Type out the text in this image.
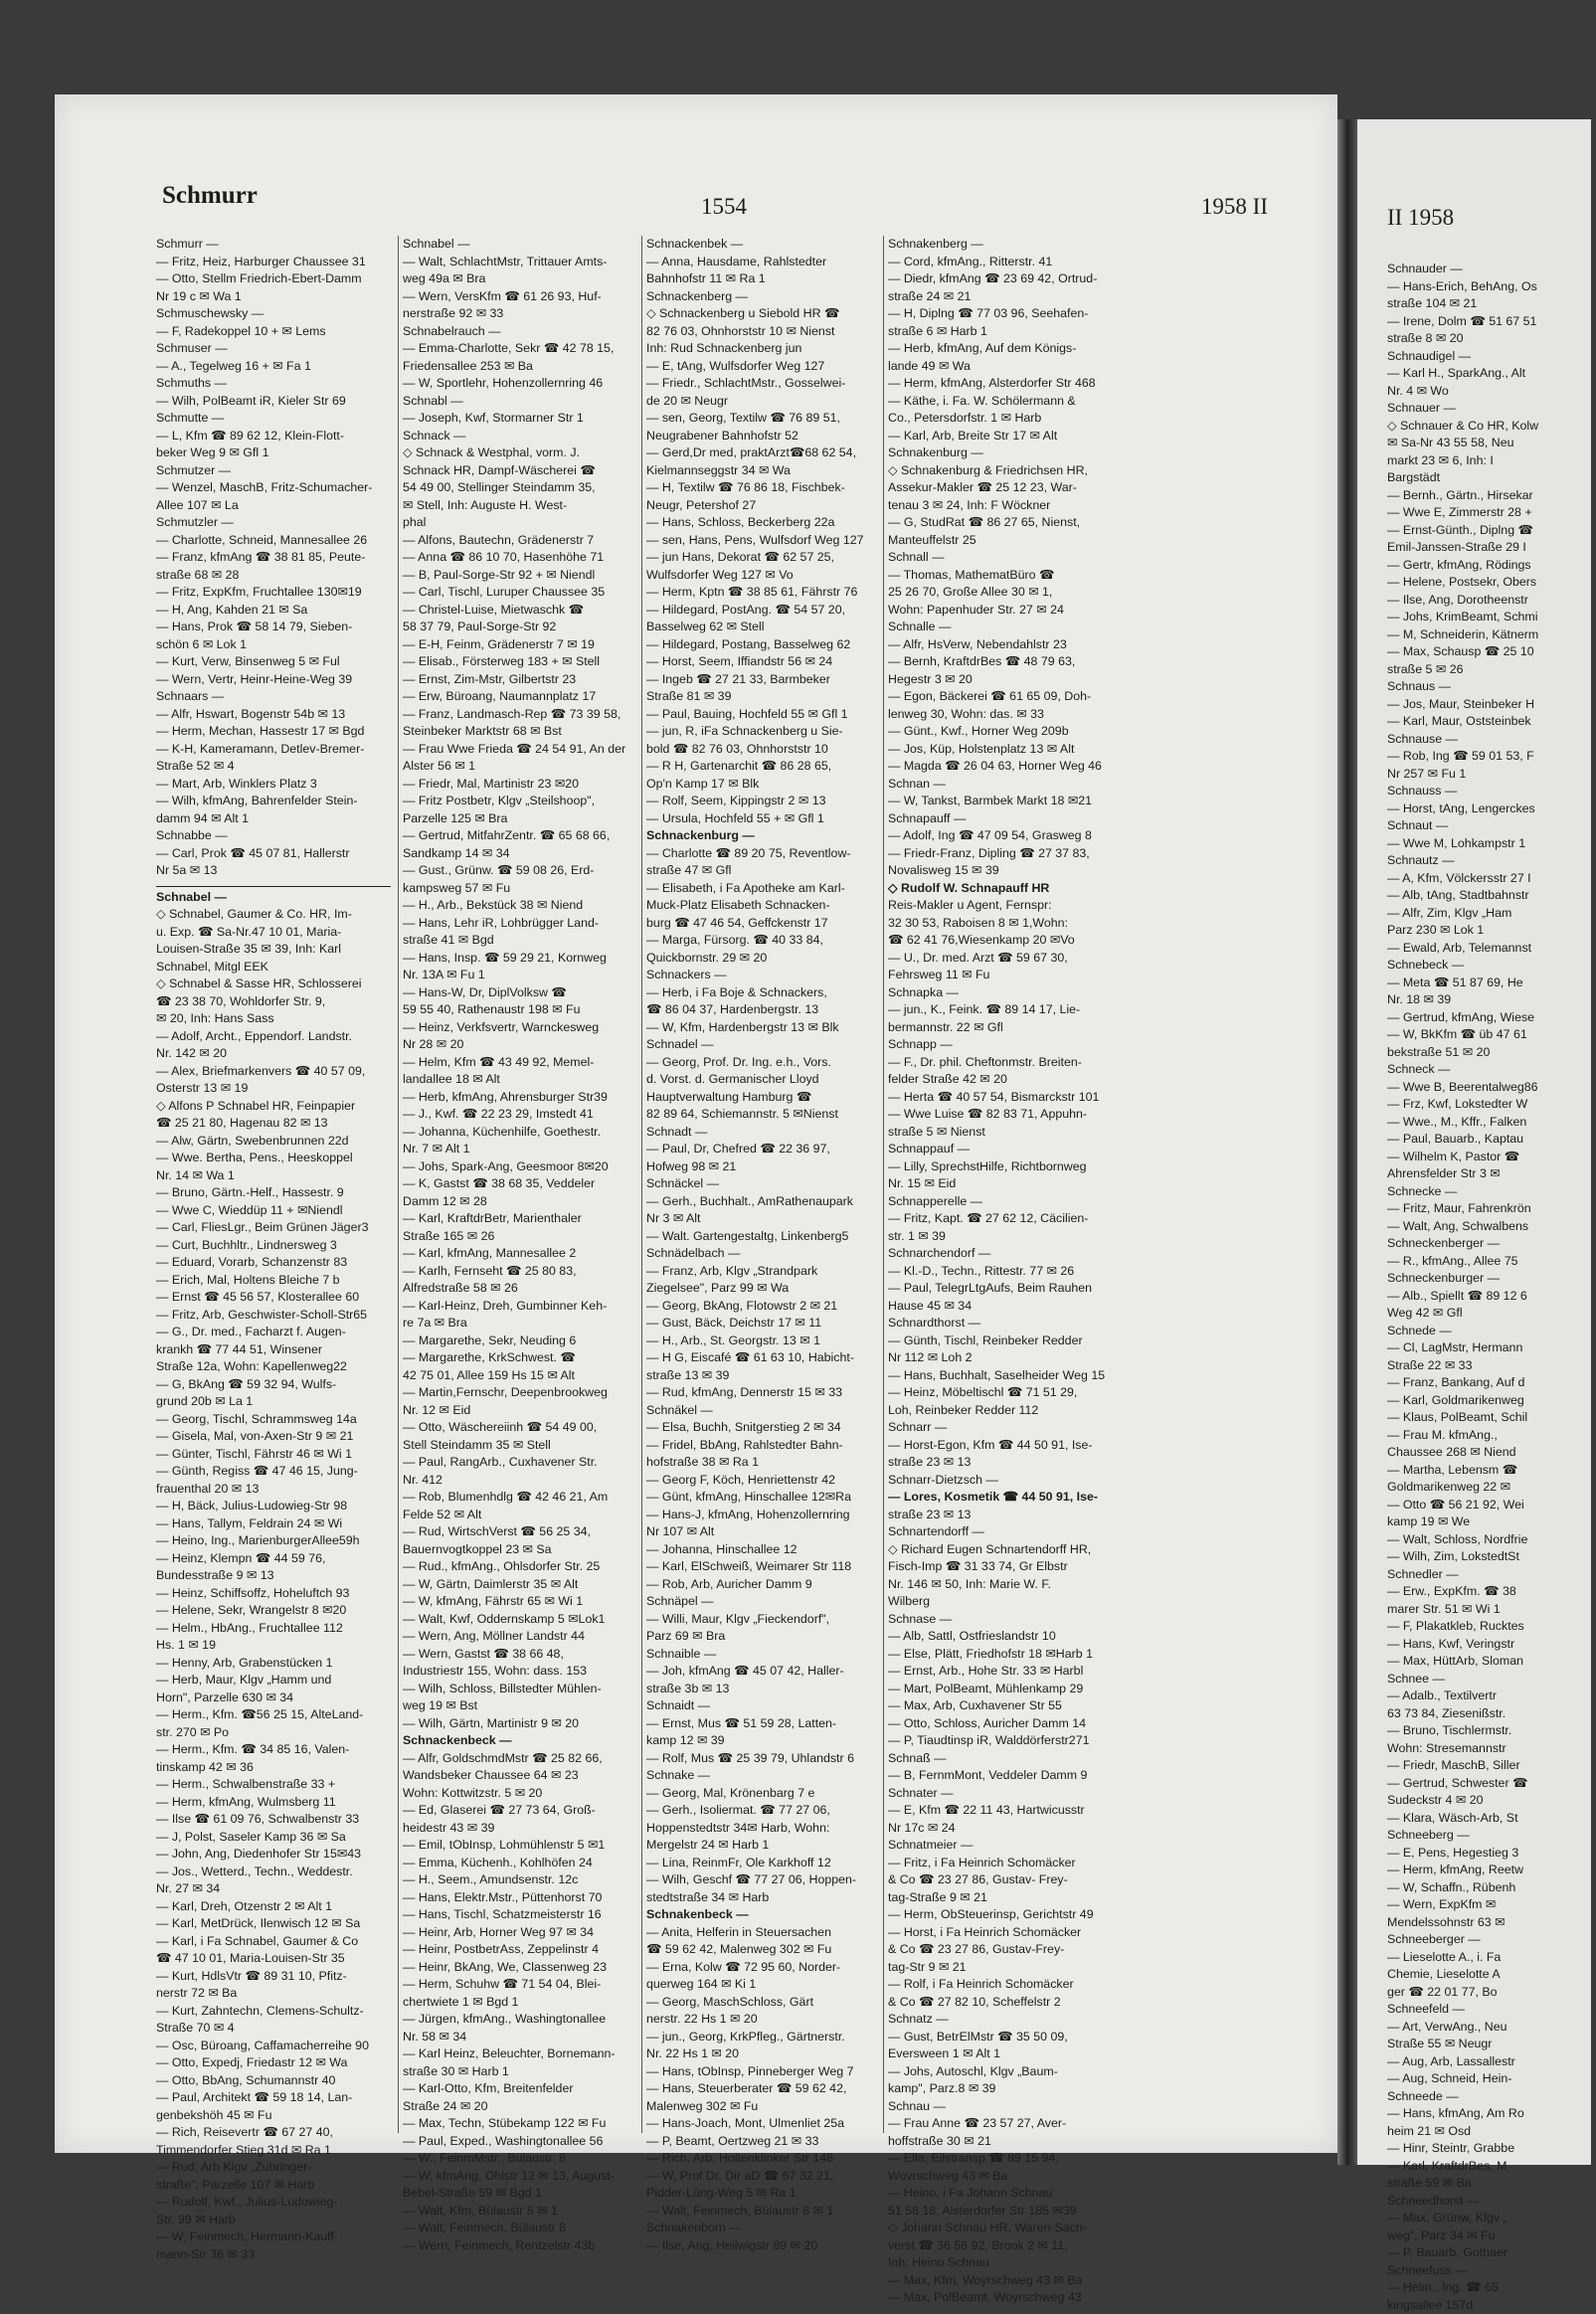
Schmurr	1554	1958 II
Schmurr —
— Fritz, Heiz, Harburger Chaussee 31
— Otto, Stellm Friedrich-Ebert-Damm
Nr 19 c ✉ Wa 1
Schmuschewsky —
— F, Radekoppel 10 + ✉ Lems
Schmuser —
— A., Tegelweg 16 + ✉ Fa 1
Schmuths —
— Wilh, PolBeamt iR, Kieler Str 69
Schmutte —
— L, Kfm ☎ 89 62 12, Klein-Flott-
beker Weg 9 ✉ Gfl 1
Schmutzer —
— Wenzel, MaschB, Fritz-Schumacher-
Allee 107 ✉ La
Schmutzler —
— Charlotte, Schneid, Mannesallee 26
— Franz, kfmAng ☎ 38 81 85, Peute-
straße 68 ✉ 28
— Fritz, ExpKfm, Fruchtallee 130✉19
— H, Ang, Kahden 21 ✉ Sa
— Hans, Prok ☎ 58 14 79, Sieben-
schön 6 ✉ Lok 1
— Kurt, Verw, Binsenweg 5 ✉ Ful
— Wern, Vertr, Heinr-Heine-Weg 39
Schnaars —
— Alfr, Hswart, Bogenstr 54b ✉ 13
— Herm, Mechan, Hassestr 17 ✉ Bgd
— K-H, Kameramann, Detlev-Bremer-
Straße 52 ✉ 4
— Mart, Arb, Winklers Platz 3
— Wilh, kfmAng, Bahrenfelder Stein-
damm 94 ✉ Alt 1
Schnabbe —
— Carl, Prok ☎ 45 07 81, Hallerstr
Nr 5a ✉ 13
Schnabel —
◇ Schnabel, Gaumer & Co. HR, Im-
u. Exp. ☎ Sa-Nr.47 10 01, Maria-
Louisen-Straße 35 ✉ 39, Inh: Karl
Schnabel, Mitgl EEK
◇ Schnabel & Sasse HR, Schlosserei
☎ 23 38 70, Wohldorfer Str. 9,
✉ 20, Inh: Hans Sass
— Adolf, Archt., Eppendorf. Landstr.
Nr. 142 ✉ 20
— Alex, Briefmarkenvers ☎ 40 57 09,
Osterstr 13 ✉ 19
◇ Alfons P Schnabel HR, Feinpapier
☎ 25 21 80, Hagenau 82 ✉ 13
— Alw, Gärtn, Swebenbrunnen 22d
— Wwe. Bertha, Pens., Heeskoppel
Nr. 14 ✉ Wa 1
— Bruno, Gärtn.-Helf., Hassestr. 9
— Wwe C, Wieddüp 11 + ✉Niendl
— Carl, FliesLgr., Beim Grünen Jäger3
— Curt, Buchhltr., Lindnersweg 3
— Eduard, Vorarb, Schanzenstr 83
— Erich, Mal, Holtens Bleiche 7 b
— Ernst ☎ 45 56 57, Klosterallee 60
— Fritz, Arb, Geschwister-Scholl-Str65
— G., Dr. med., Facharzt f. Augen-
krankh ☎ 77 44 51, Winsener
Straße 12a, Wohn: Kapellenweg22
— G, BkAng ☎ 59 32 94, Wulfs-
grund 20b ✉ La 1
— Georg, Tischl, Schrammsweg 14a
— Gisela, Mal, von-Axen-Str 9 ✉ 21
— Günter, Tischl, Fährstr 46 ✉ Wi 1
— Günth, Regiss ☎ 47 46 15, Jung-
frauenthal 20 ✉ 13
— H, Bäck, Julius-Ludowieg-Str 98
— Hans, Tallym, Feldrain 24 ✉ Wi
— Heino, Ing., MarienburgerAllee59h
— Heinz, Klempn ☎ 44 59 76,
Bundesstraße 9 ✉ 13
— Heinz, Schiffsoffz, Hoheluftch 93
— Helene, Sekr, Wrangelstr 8 ✉20
— Helm., HbAng., Fruchtallee 112
Hs. 1 ✉ 19
— Henny, Arb, Grabenstücken 1
— Herb, Maur, Klgv „Hamm und
Horn", Parzelle 630 ✉ 34
— Herm., Kfm. ☎56 25 15, AlteLand-
str. 270 ✉ Po
— Herm., Kfm. ☎ 34 85 16, Valen-
tinskamp 42 ✉ 36
— Herm., Schwalbenstraße 33 +
— Herm, kfmAng, Wulmsberg 11
— Ilse ☎ 61 09 76, Schwalbenstr 33
— J, Polst, Saseler Kamp 36 ✉ Sa
— John, Ang, Diedenhofer Str 15✉43
— Jos., Wetterd., Techn., Weddestr.
Nr. 27 ✉ 34
— Karl, Dreh, Otzenstr 2 ✉ Alt 1
— Karl, MetDrück, Ilenwisch 12 ✉ Sa
— Karl, i Fa Schnabel, Gaumer & Co
☎ 47 10 01, Maria-Louisen-Str 35
— Kurt, HdlsVtr ☎ 89 31 10, Pfitz-
nerstr 72 ✉ Ba
— Kurt, Zahntechn, Clemens-Schultz-
Straße 70 ✉ 4
— Osc, Büroang, Caffamacherreihe 90
— Otto, Expedj, Friedastr 12 ✉ Wa
— Otto, BbAng, Schumannstr 40
— Paul, Architekt ☎ 59 18 14, Lan-
genbekshöh 45 ✉ Fu
— Rich, Reisevertr ☎ 67 27 40,
Timmendorfer Stieg 31d ✉ Ra 1
— Rud, Arb Klgv „Zubringer-
straße", Parzelle 107 ✉ Harb
— Rudolf, Kwf., Julius-Ludowieg-
Str. 99 ✉ Harb
— W, Feinmech, Hermann-Kauff-
mann-Str 36 ✉ 33
Schnabel —
— Walt, SchlachtMstr, Trittauer Amts-
weg 49a ✉ Bra
— Wern, VersKfm ☎ 61 26 93, Huf-
nerstraße 92 ✉ 33
Schnabelrauch —
— Emma-Charlotte, Sekr ☎ 42 78 15,
Friedensallee 253 ✉ Ba
— W, Sportlehr, Hohenzollernring 46
Schnabl —
— Joseph, Kwf, Stormarner Str 1
Schnack —
◇ Schnack & Westphal, vorm. J.
Schnack HR, Dampf-Wäscherei ☎
54 49 00, Stellinger Steindamm 35,
✉ Stell, Inh: Auguste H. West-
phal
— Alfons, Bautechn, Grädenerstr 7
— Anna ☎ 86 10 70, Hasenhöhe 71
— B, Paul-Sorge-Str 92 + ✉ Niendl
— Carl, Tischl, Luruper Chaussee 35
— Christel-Luise, Mietwaschk ☎
58 37 79, Paul-Sorge-Str 92
— E-H, Feinm, Grädenerstr 7 ✉ 19
— Elisab., Försterweg 183 + ✉ Stell
— Ernst, Zim-Mstr, Gilbertstr 23
— Erw, Büroang, Naumannplatz 17
— Franz, Landmasch-Rep ☎ 73 39 58,
Steinbeker Marktstr 68 ✉ Bst
— Frau Wwe Frieda ☎ 24 54 91, An der
Alster 56 ✉ 1
— Friedr, Mal, Martinistr 23 ✉20
— Fritz Postbetr, Klgv „Steilshoop",
Parzelle 125 ✉ Bra
— Gertrud, MitfahrZentr. ☎ 65 68 66,
Sandkamp 14 ✉ 34
— Gust., Grünw. ☎ 59 08 26, Erd-
kampsweg 57 ✉ Fu
— H., Arb., Bekstück 38 ✉ Niend
— Hans, Lehr iR, Lohbrügger Land-
straße 41 ✉ Bgd
— Hans, Insp. ☎ 59 29 21, Kornweg
Nr. 13A ✉ Fu 1
— Hans-W, Dr, DiplVolksw ☎
59 55 40, Rathenaustr 198 ✉ Fu
— Heinz, Verkfsvertr, Warnckesweg
Nr 28 ✉ 20
— Helm, Kfm ☎ 43 49 92, Memel-
landallee 18 ✉ Alt
— Herb, kfmAng, Ahrensburger Str39
— J., Kwf. ☎ 22 23 29, Imstedt 41
— Johanna, Küchenhilfe, Goethestr.
Nr. 7 ✉ Alt 1
— Johs, Spark-Ang, Geesmoor 8✉20
— K, Gastst ☎ 38 68 35, Veddeler
Damm 12 ✉ 28
— Karl, KraftdrBetr, Marienthaler
Straße 165 ✉ 26
— Karl, kfmAng, Mannesallee 2
— Karlh, Fernseht ☎ 25 80 83,
Alfredstraße 58 ✉ 26
— Karl-Heinz, Dreh, Gumbinner Keh-
re 7a ✉ Bra
— Margarethe, Sekr, Neuding 6
— Margarethe, KrkSchwest. ☎
42 75 01, Allee 159 Hs 15 ✉ Alt
— Martin,Fernschr, Deepenbrookweg
Nr. 12 ✉ Eid
— Otto, Wäschereiinh ☎ 54 49 00,
Stell Steindamm 35 ✉ Stell
— Paul, RangArb., Cuxhavener Str.
Nr. 412
— Rob, Blumenhdlg ☎ 42 46 21, Am
Felde 52 ✉ Alt
— Rud, WirtschVerst ☎ 56 25 34,
Bauernvogtkoppel 23 ✉ Sa
— Rud., kfmAng., Ohlsdorfer Str. 25
— W, Gärtn, Daimlerstr 35 ✉ Alt
— W, kfmAng, Fährstr 65 ✉ Wi 1
— Walt, Kwf, Oddernskamp 5 ✉Lok1
— Wern, Ang, Möllner Landstr 44
— Wern, Gastst ☎ 38 66 48,
Industriestr 155, Wohn: dass. 153
— Wilh, Schloss, Billstedter Mühlen-
weg 19 ✉ Bst
— Wilh, Gärtn, Martinistr 9 ✉ 20
Schnackenbeck —
— Alfr, GoldschmdMstr ☎ 25 82 66,
Wandsbeker Chaussee 64 ✉ 23
Wohn: Kottwitzstr. 5 ✉ 20
— Ed, Glaserei ☎ 27 73 64, Groß-
heidestr 43 ✉ 39
— Emil, tObInsp, Lohmühlenstr 5 ✉1
— Emma, Küchenh., Kohlhöfen 24
— H., Seem., Amundsenstr. 12c
— Hans, Elektr.Mstr., Püttenhorst 70
— Hans, Tischl, Schatzmeisterstr 16
— Heinr, Arb, Horner Weg 97 ✉ 34
— Heinr, PostbetrAss, Zeppelinstr 4
— Heinr, BkAng, We, Classenweg 23
— Herm, Schuhw ☎ 71 54 04, Blei-
chertwiete 1 ✉ Bgd 1
— Jürgen, kfmAng., Washingtonallee
Nr. 58 ✉ 34
— Karl Heinz, Beleuchter, Bornemann-
straße 30 ✉ Harb 1
— Karl-Otto, Kfm, Breitenfelder
Straße 24 ✉ 20
— Max, Techn, Stübekamp 122 ✉ Fu
— Paul, Exped., Washingtonallee 56
— W., FeinmMstr., Bülaustr. 8
— W, kfmAng, Ohlstr 12 ✉ 13, August-
Bebel-Straße 59 ✉ Bgd 1
— Walt, Kfm, Bülaustr 8 ✉ 1
— Walt, Feinmech, Bülaustr 8
— Wern, Feinmech, Rentzelstr 43b
Schnackenbek —
— Anna, Hausdame, Rahlstedter
Bahnhofstr 11 ✉ Ra 1
Schnackenberg —
◇ Schnackenberg u Siebold HR ☎
82 76 03, Ohnhorststr 10 ✉ Nienst
Inh: Rud Schnackenberg jun
— E, tAng, Wulfsdorfer Weg 127
— Friedr., SchlachtMstr., Gosselwei-
de 20 ✉ Neugr
— sen, Georg, Textilw ☎ 76 89 51,
Neugrabener Bahnhofstr 52
— Gerd,Dr med, praktArzt☎68 62 54,
Kielmannseggstr 34 ✉ Wa
— H, Textilw ☎ 76 86 18, Fischbek-
Neugr, Petershof 27
— Hans, Schloss, Beckerberg 22a
— sen, Hans, Pens, Wulfsdorf Weg 127
— jun Hans, Dekorat ☎ 62 57 25,
Wulfsdorfer Weg 127 ✉ Vo
— Herm, Kptn ☎ 38 85 61, Fährstr 76
— Hildegard, PostAng. ☎ 54 57 20,
Basselweg 62 ✉ Stell
— Hildegard, Postang, Basselweg 62
— Horst, Seem, Iffiandstr 56 ✉ 24
— Ingeb ☎ 27 21 33, Barmbeker
Straße 81 ✉ 39
— Paul, Bauing, Hochfeld 55 ✉ Gfl 1
— jun, R, iFa Schnackenberg u Sie-
bold ☎ 82 76 03, Ohnhorststr 10
— R H, Gartenarchit ☎ 86 28 65,
Op'n Kamp 17 ✉ Blk
— Rolf, Seem, Kippingstr 2 ✉ 13
— Ursula, Hochfeld 55 + ✉ Gfl 1
Schnackenburg —
— Charlotte ☎ 89 20 75, Reventlow-
straße 47 ✉ Gfl
— Elisabeth, i Fa Apotheke am Karl-
Muck-Platz Elisabeth Schnacken-
burg ☎ 47 46 54, Geffckenstr 17
— Marga, Fürsorg. ☎ 40 33 84,
Quickbornstr. 29 ✉ 20
Schnackers —
— Herb, i Fa Boje & Schnackers,
☎ 86 04 37, Hardenbergstr. 13
— W, Kfm, Hardenbergstr 13 ✉ Blk
Schnadel —
— Georg, Prof. Dr. Ing. e.h., Vors.
d. Vorst. d. Germanischer Lloyd
Hauptverwaltung Hamburg ☎
82 89 64, Schiemannstr. 5 ✉Nienst
Schnadt —
— Paul, Dr, Chefred ☎ 22 36 97,
Hofweg 98 ✉ 21
Schnäckel —
— Gerh., Buchhalt., AmRathenaupark
Nr 3 ✉ Alt
— Walt. Gartengestaltg, Linkenberg5
Schnädelbach —
— Franz, Arb, Klgv „Strandpark
Ziegelsee", Parz 99 ✉ Wa
— Georg, BkAng, Flotowstr 2 ✉ 21
— Gust, Bäck, Deichstr 17 ✉ 11
— H., Arb., St. Georgstr. 13 ✉ 1
— H G, Eiscafé ☎ 61 63 10, Habicht-
straße 13 ✉ 39
— Rud, kfmAng, Dennerstr 15 ✉ 33
Schnäkel —
— Elsa, Buchh, Snitgerstieg 2 ✉ 34
— Fridel, BbAng, Rahlstedter Bahn-
hofstraße 38 ✉ Ra 1
— Georg F, Köch, Henriettenstr 42
— Günt, kfmAng, Hinschallee 12✉Ra
— Hans-J, kfmAng, Hohenzollernring
Nr 107 ✉ Alt
— Johanna, Hinschallee 12
— Karl, ElSchweiß, Weimarer Str 118
— Rob, Arb, Auricher Damm 9
Schnäpel —
— Willi, Maur, Klgv „Fieckendorf",
Parz 69 ✉ Bra
Schnaible —
— Joh, kfmAng ☎ 45 07 42, Haller-
straße 3b ✉ 13
Schnaidt —
— Ernst, Mus ☎ 51 59 28, Latten-
kamp 12 ✉ 39
— Rolf, Mus ☎ 25 39 79, Uhlandstr 6
Schnake —
— Georg, Mal, Krönenbarg 7 e
— Gerh., Isoliermat. ☎ 77 27 06,
Hoppenstedtstr 34✉ Harb, Wohn:
Mergelstr 24 ✉ Harb 1
— Lina, ReinmFr, Ole Karkhoff 12
— Wilh, Geschf ☎ 77 27 06, Hoppen-
stedtstraße 34 ✉ Harb
Schnakenbeck —
— Anita, Helferin in Steuersachen
☎ 59 62 42, Malenweg 302 ✉ Fu
— Erna, Kolw ☎ 72 95 60, Norder-
querweg 164 ✉ Ki 1
— Georg, MaschSchloss, Gärt
nerstr. 22 Hs 1 ✉ 20
— jun., Georg, KrkPfleg., Gärtnerstr.
Nr. 22 Hs 1 ✉ 20
— Hans, tObInsp, Pinneberger Weg 7
— Hans, Steuerberater ☎ 59 62 42,
Malenweg 302 ✉ Fu
— Hans-Joach, Mont, Ulmenliet 25a
— P, Beamt, Oertzweg 21 ✉ 33
— Rich, Arb, Holtenklinker Str 148
— W, Prof Dr, Dir aD ☎ 67 32 21,
Pidder-Lüng-Weg 5 ✉ Ra 1
— Walt, Feinmech, Bülaustr 8 ✉ 1
Schnakenborn —
— Ilse, Ang, Heilwigstr 89 ✉ 20
Schnakenberg —
— Cord, kfmAng., Ritterstr. 41
— Diedr, kfmAng ☎ 23 69 42, Ortrud-
straße 24 ✉ 21
— H, Diplng ☎ 77 03 96, Seehafen-
straße 6 ✉ Harb 1
— Herb, kfmAng, Auf dem Königs-
lande 49 ✉ Wa
— Herm, kfmAng, Alsterdorfer Str 468
— Käthe, i. Fa. W. Schölermann &
Co., Petersdorfstr. 1 ✉ Harb
— Karl, Arb, Breite Str 17 ✉ Alt
Schnakenburg —
◇ Schnakenburg & Friedrichsen HR,
Assekur-Makler ☎ 25 12 23, War-
tenau 3 ✉ 24, Inh: F Wöckner
— G, StudRat ☎ 86 27 65, Nienst,
Manteuffelstr 25
Schnall —
— Thomas, MathematBüro ☎
25 26 70, Große Allee 30 ✉ 1,
Wohn: Papenhuder Str. 27 ✉ 24
Schnalle —
— Alfr, HsVerw, Nebendahlstr 23
— Bernh, KraftdrBes ☎ 48 79 63,
Hegestr 3 ✉ 20
— Egon, Bäckerei ☎ 61 65 09, Doh-
lenweg 30, Wohn: das. ✉ 33
— Günt., Kwf., Horner Weg 209b
— Jos, Küp, Holstenplatz 13 ✉ Alt
— Magda ☎ 26 04 63, Horner Weg 46
Schnan —
— W, Tankst, Barmbek Markt 18 ✉21
Schnapauff —
— Adolf, Ing ☎ 47 09 54, Grasweg 8
— Friedr-Franz, Dipling ☎ 27 37 83,
Novalisweg 15 ✉ 39
◇ Rudolf W. Schnapauff HR
Reis-Makler u Agent, Fernspr:
32 30 53, Raboisen 8 ✉ 1,Wohn:
☎ 62 41 76,Wiesenkamp 20 ✉Vo
— U., Dr. med. Arzt ☎ 59 67 30,
Fehrsweg 11 ✉ Fu
Schnapka —
— jun., K., Feink. ☎ 89 14 17, Lie-
bermannstr. 22 ✉ Gfl
Schnapp —
— F., Dr. phil. Cheftonmstr. Breiten-
felder Straße 42 ✉ 20
— Herta ☎ 40 57 54, Bismarckstr 101
— Wwe Luise ☎ 82 83 71, Appuhn-
straße 5 ✉ Nienst
Schnappauf —
— Lilly, SprechstHilfe, Richtbornweg
Nr. 15 ✉ Eid
Schnapperelle —
— Fritz, Kapt. ☎ 27 62 12, Cäcilien-
str. 1 ✉ 39
Schnarchendorf —
— Kl.-D., Techn., Rittestr. 77 ✉ 26
— Paul, TelegrLtgAufs, Beim Rauhen
Hause 45 ✉ 34
Schnardthorst —
— Günth, Tischl, Reinbeker Redder
Nr 112 ✉ Loh 2
— Hans, Buchhalt, Saselheider Weg 15
— Heinz, Möbeltischl ☎ 71 51 29,
Loh, Reinbeker Redder 112
Schnarr —
— Horst-Egon, Kfm ☎ 44 50 91, Ise-
straße 23 ✉ 13
Schnarr-Dietzsch —
— Lores, Kosmetik ☎ 44 50 91, Ise-
straße 23 ✉ 13
Schnartendorff —
◇ Richard Eugen Schnartendorff HR,
Fisch-Imp ☎ 31 33 74, Gr Elbstr
Nr. 146 ✉ 50, Inh: Marie W. F.
Wilberg
Schnase —
— Alb, Sattl, Ostfrieslandstr 10
— Else, Plätt, Friedhofstr 18 ✉Harb 1
— Ernst, Arb., Hohe Str. 33 ✉ Harbl
— Mart, PolBeamt, Mühlenkamp 29
— Max, Arb, Cuxhavener Str 55
— Otto, Schloss, Auricher Damm 14
— P, Tiaudtinsp iR, Walddörferstr271
Schnaß —
— B, FernmMont, Veddeler Damm 9
Schnater —
— E, Kfm ☎ 22 11 43, Hartwicusstr
Nr 17c ✉ 24
Schnatmeier —
— Fritz, i Fa Heinrich Schomäcker
& Co ☎ 23 27 86, Gustav- Frey-
tag-Straße 9 ✉ 21
— Herm, ObSteuerinsp, Gerichtstr 49
— Horst, i Fa Heinrich Schomäcker
& Co ☎ 23 27 86, Gustav-Frey-
tag-Str 9 ✉ 21
— Rolf, i Fa Heinrich Schomäcker
& Co ☎ 27 82 10, Scheffelstr 2
Schnatz —
— Gust, BetrElMstr ☎ 35 50 09,
Eversween 1 ✉ Alt 1
— Johs, Autoschl, Klgv „Baum-
kamp", Parz.8 ✉ 39
Schnau —
— Frau Anne ☎ 23 57 27, Aver-
hoffstraße 30 ✉ 21
— Ella, Eilstransp ☎ 89 15 94,
Wovrschweg 43 ✉ Ba
— Heino, i Fa Johann Schnau
51 58 18, Alsterdorfer Str 185 ✉39
◇ Johann Schnau HR, Waren-Sach-
verst ☎ 36 56 92, Brook 2 ✉ 11,
Inh: Heino Schnau
— Max, Kfm, Woyrschweg 43 ✉ Ba
— Max, PolBeamt, Woyrschweg 43
II 1958
Schnauder —
— Hans-Erich, BehAng, Os
straße 104 ✉ 21
— Irene, Dolm ☎ 51 67 51
straße 8 ✉ 20
Schnaudigel —
— Karl H., SparkAng., Alt
Nr. 4 ✉ Wo
Schnauer —
◇ Schnauer & Co HR, Kolw
✉ Sa-Nr 43 55 58, Neu
markt 23 ✉ 6, Inh: I
Bargstädt
— Bernh., Gärtn., Hirsekar
— Wwe E, Zimmerstr 28 +
— Ernst-Günth., Diplng ☎
Emil-Janssen-Straße 29 I
— Gertr, kfmAng, Rödings
— Helene, Postsekr, Obers
— Ilse, Ang, Dorotheenstr
— Johs, KrimBeamt, Schmi
— M, Schneiderin, Kätnerm
— Max, Schausp ☎ 25 10
straße 5 ✉ 26
Schnaus —
— Jos, Maur, Steinbeker H
— Karl, Maur, Oststeinbek
Schnause —
— Rob, Ing ☎ 59 01 53, F
Nr 257 ✉ Fu 1
Schnauss —
— Horst, tAng, Lengerckes
Schnaut —
— Wwe M, Lohkampstr 1
Schnautz —
— A, Kfm, Völckersstr 27 I
— Alb, tAng, Stadtbahnstr
— Alfr, Zim, Klgv „Ham
Parz 230 ✉ Lok 1
— Ewald, Arb, Telemannst
Schnebeck —
— Meta ☎ 51 87 69, He
Nr. 18 ✉ 39
— Gertrud, kfmAng, Wiese
— W, BkKfm ☎ üb 47 61
bekstraße 51 ✉ 20
Schneck —
— Wwe B, Beerentalweg86
— Frz, Kwf, Lokstedter W
— Wwe., M., Kffr., Falken
— Paul, Bauarb., Kaptau
— Wilhelm K, Pastor ☎
Ahrensfelder Str 3 ✉
Schnecke —
— Fritz, Maur, Fahrenkrön
— Walt, Ang, Schwalbens
Schneckenberger —
— R., kfmAng., Allee 75
Schneckenburger —
— Alb., Spiellt ☎ 89 12 6
Weg 42 ✉ Gfl
Schnede —
— Cl, LagMstr, Hermann
Straße 22 ✉ 33
— Franz, Bankang, Auf d
— Karl, Goldmarikenweg
— Klaus, PolBeamt, Schil
— Frau M. kfmAng.,
Chaussee 268 ✉ Niend
— Martha, Lebensm ☎
Goldmarikenweg 22 ✉
— Otto ☎ 56 21 92, Wei
kamp 19 ✉ We
— Walt, Schloss, Nordfrie
— Wilh, Zim, LokstedtSt
Schnedler —
— Erw., ExpKfm. ☎ 38
marer Str. 51 ✉ Wi 1
— F, Plakatkleb, Rucktes
— Hans, Kwf, Veringstr
— Max, HüttArb, Sloman
Schnee —
— Adalb., Textilvertr
63 73 84, Ziesenißstr.
— Bruno, Tischlermstr.
Wohn: Stresemannstr
— Friedr, MaschB, Siller
— Gertrud, Schwester ☎
Sudeckstr 4 ✉ 20
— Klara, Wäsch-Arb, St
Schneeberg —
— E, Pens, Hegestieg 3
— Herm, kfmAng, Reetw
— W, Schaffn., Rübenh
— Wern, ExpKfm ✉
Mendelssohnstr 63 ✉
Schneeberger —
— Lieselotte A., i. Fa
Chemie, Lieselotte A
ger ☎ 22 01 77, Bo
Schneefeld —
— Art, VerwAng., Neu
Straße 55 ✉ Neugr
— Aug, Arb, Lassallestr
— Aug, Schneid, Hein-
Schneede —
— Hans, kfmAng, Am Ro
heim 21 ✉ Osd
— Hinr, Steintr, Grabbe
— Karl, KraftdrBes, M
straße 59 ✉ Ba
Schneedhorst —
— Max, Grünw, Klgv „
weg", Parz 34 ✉ Fu
— P, Bauarb, Gothaer
Schneefuss —
— Helm., Ing. ☎ 65
kingsallee 157d
